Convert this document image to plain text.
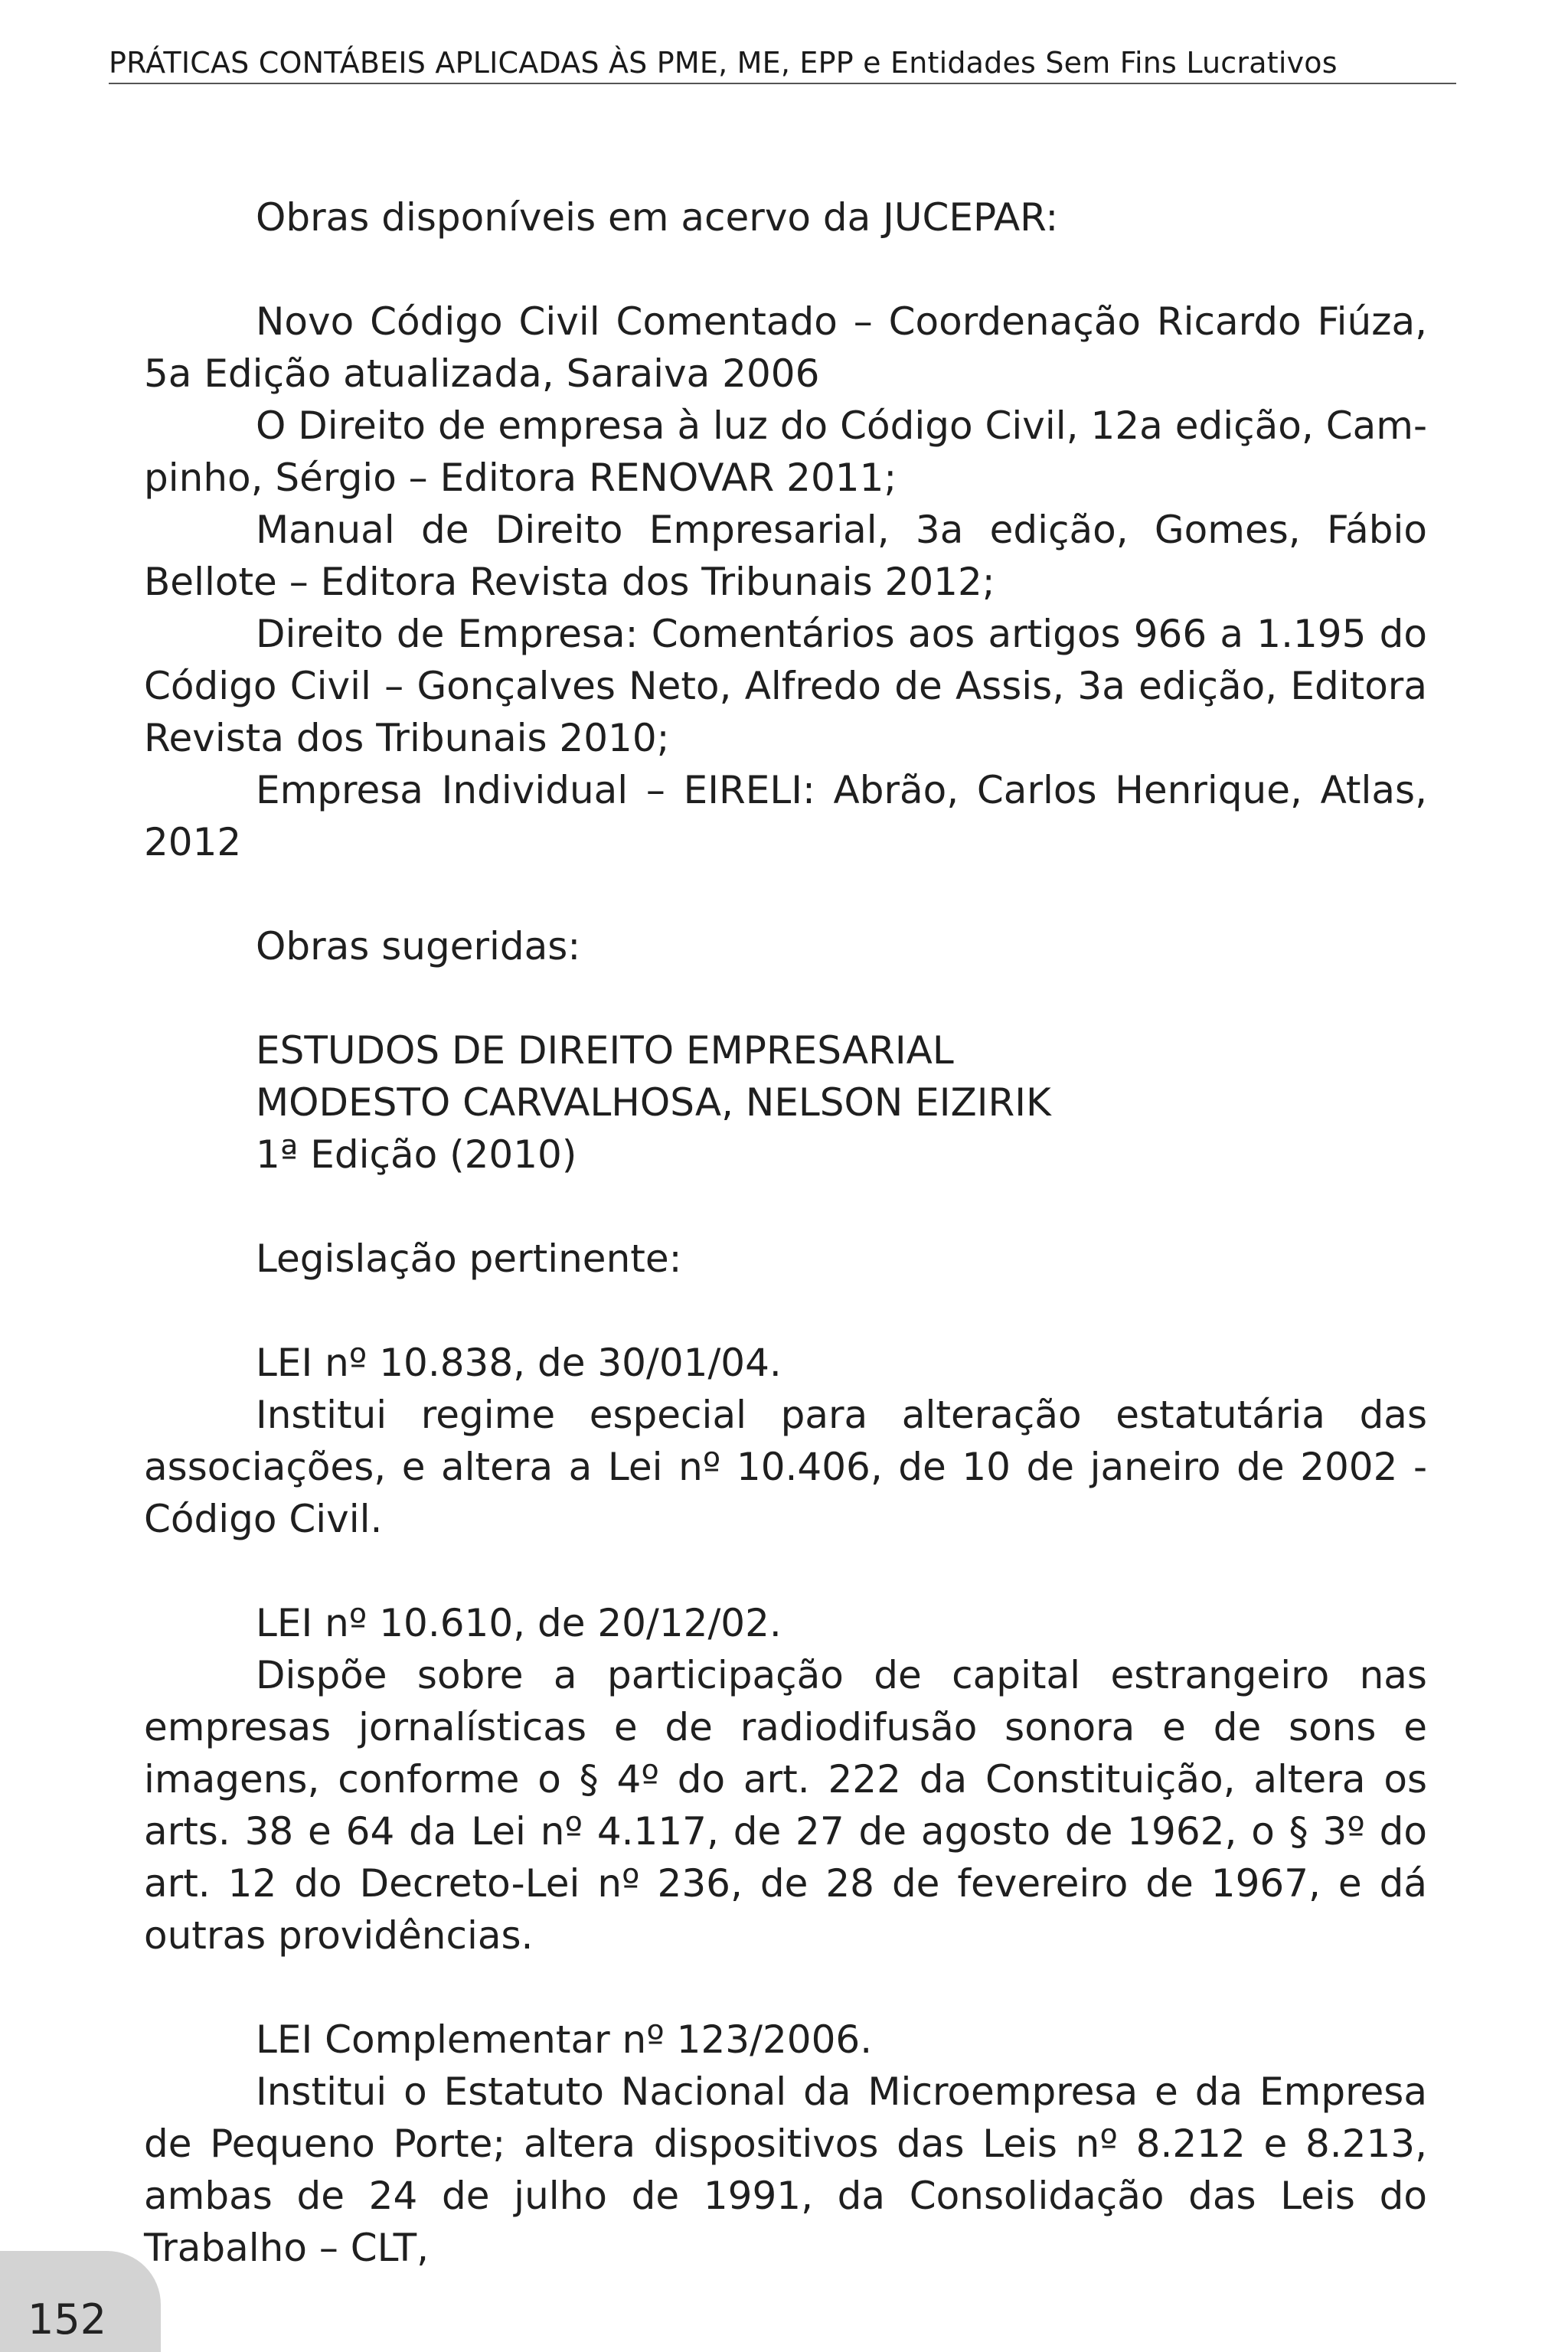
PRÁTICAS CONTÁBEIS APLICADAS ÀS PME, ME, EPP e Entidades Sem Fins Lucrativos

Obras disponíveis em acervo da JUCEPAR:

Novo Código Civil Comentado – Coordenação Ricardo Fiúza, 5a Edição atualizada, Saraiva 2006

O Direito de empresa à luz do Código Civil, 12a edição, Campinho, Sérgio – Editora RENOVAR 2011;

Manual de Direito Empresarial, 3a edição, Gomes, Fábio Bellote – Editora Revista dos Tribunais 2012;

Direito de Empresa: Comentários aos artigos 966 a 1.195 do Código Civil – Gonçalves Neto, Alfredo de Assis, 3a edição, Editora Revista dos Tribunais 2010;

Empresa Individual – EIRELI: Abrão, Carlos Henrique, Atlas, 2012

Obras sugeridas:

ESTUDOS DE DIREITO EMPRESARIAL

MODESTO CARVALHOSA, NELSON EIZIRIK

1ª Edição (2010)

Legislação pertinente:

LEI nº 10.838, de 30/01/04.

Institui regime especial para alteração estatutária das associações, e altera a Lei nº 10.406, de 10 de janeiro de 2002 - Código Civil.

LEI nº 10.610, de 20/12/02.

Dispõe sobre a participação de capital estrangeiro nas empresas jornalísticas e de radiodifusão sonora e de sons e imagens, conforme o § 4º do art. 222 da Constituição, altera os arts. 38 e 64 da Lei nº 4.117, de 27 de agosto de 1962, o § 3º do art. 12 do Decreto-Lei nº 236, de 28 de fevereiro de 1967, e dá outras providências.

LEI Complementar nº 123/2006.

Institui o Estatuto Nacional da Microempresa e da Empresa de Pequeno Porte; altera dispositivos das Leis nº 8.212 e 8.213, ambas de 24 de julho de 1991, da Consolidação das Leis do Trabalho – CLT,

152
